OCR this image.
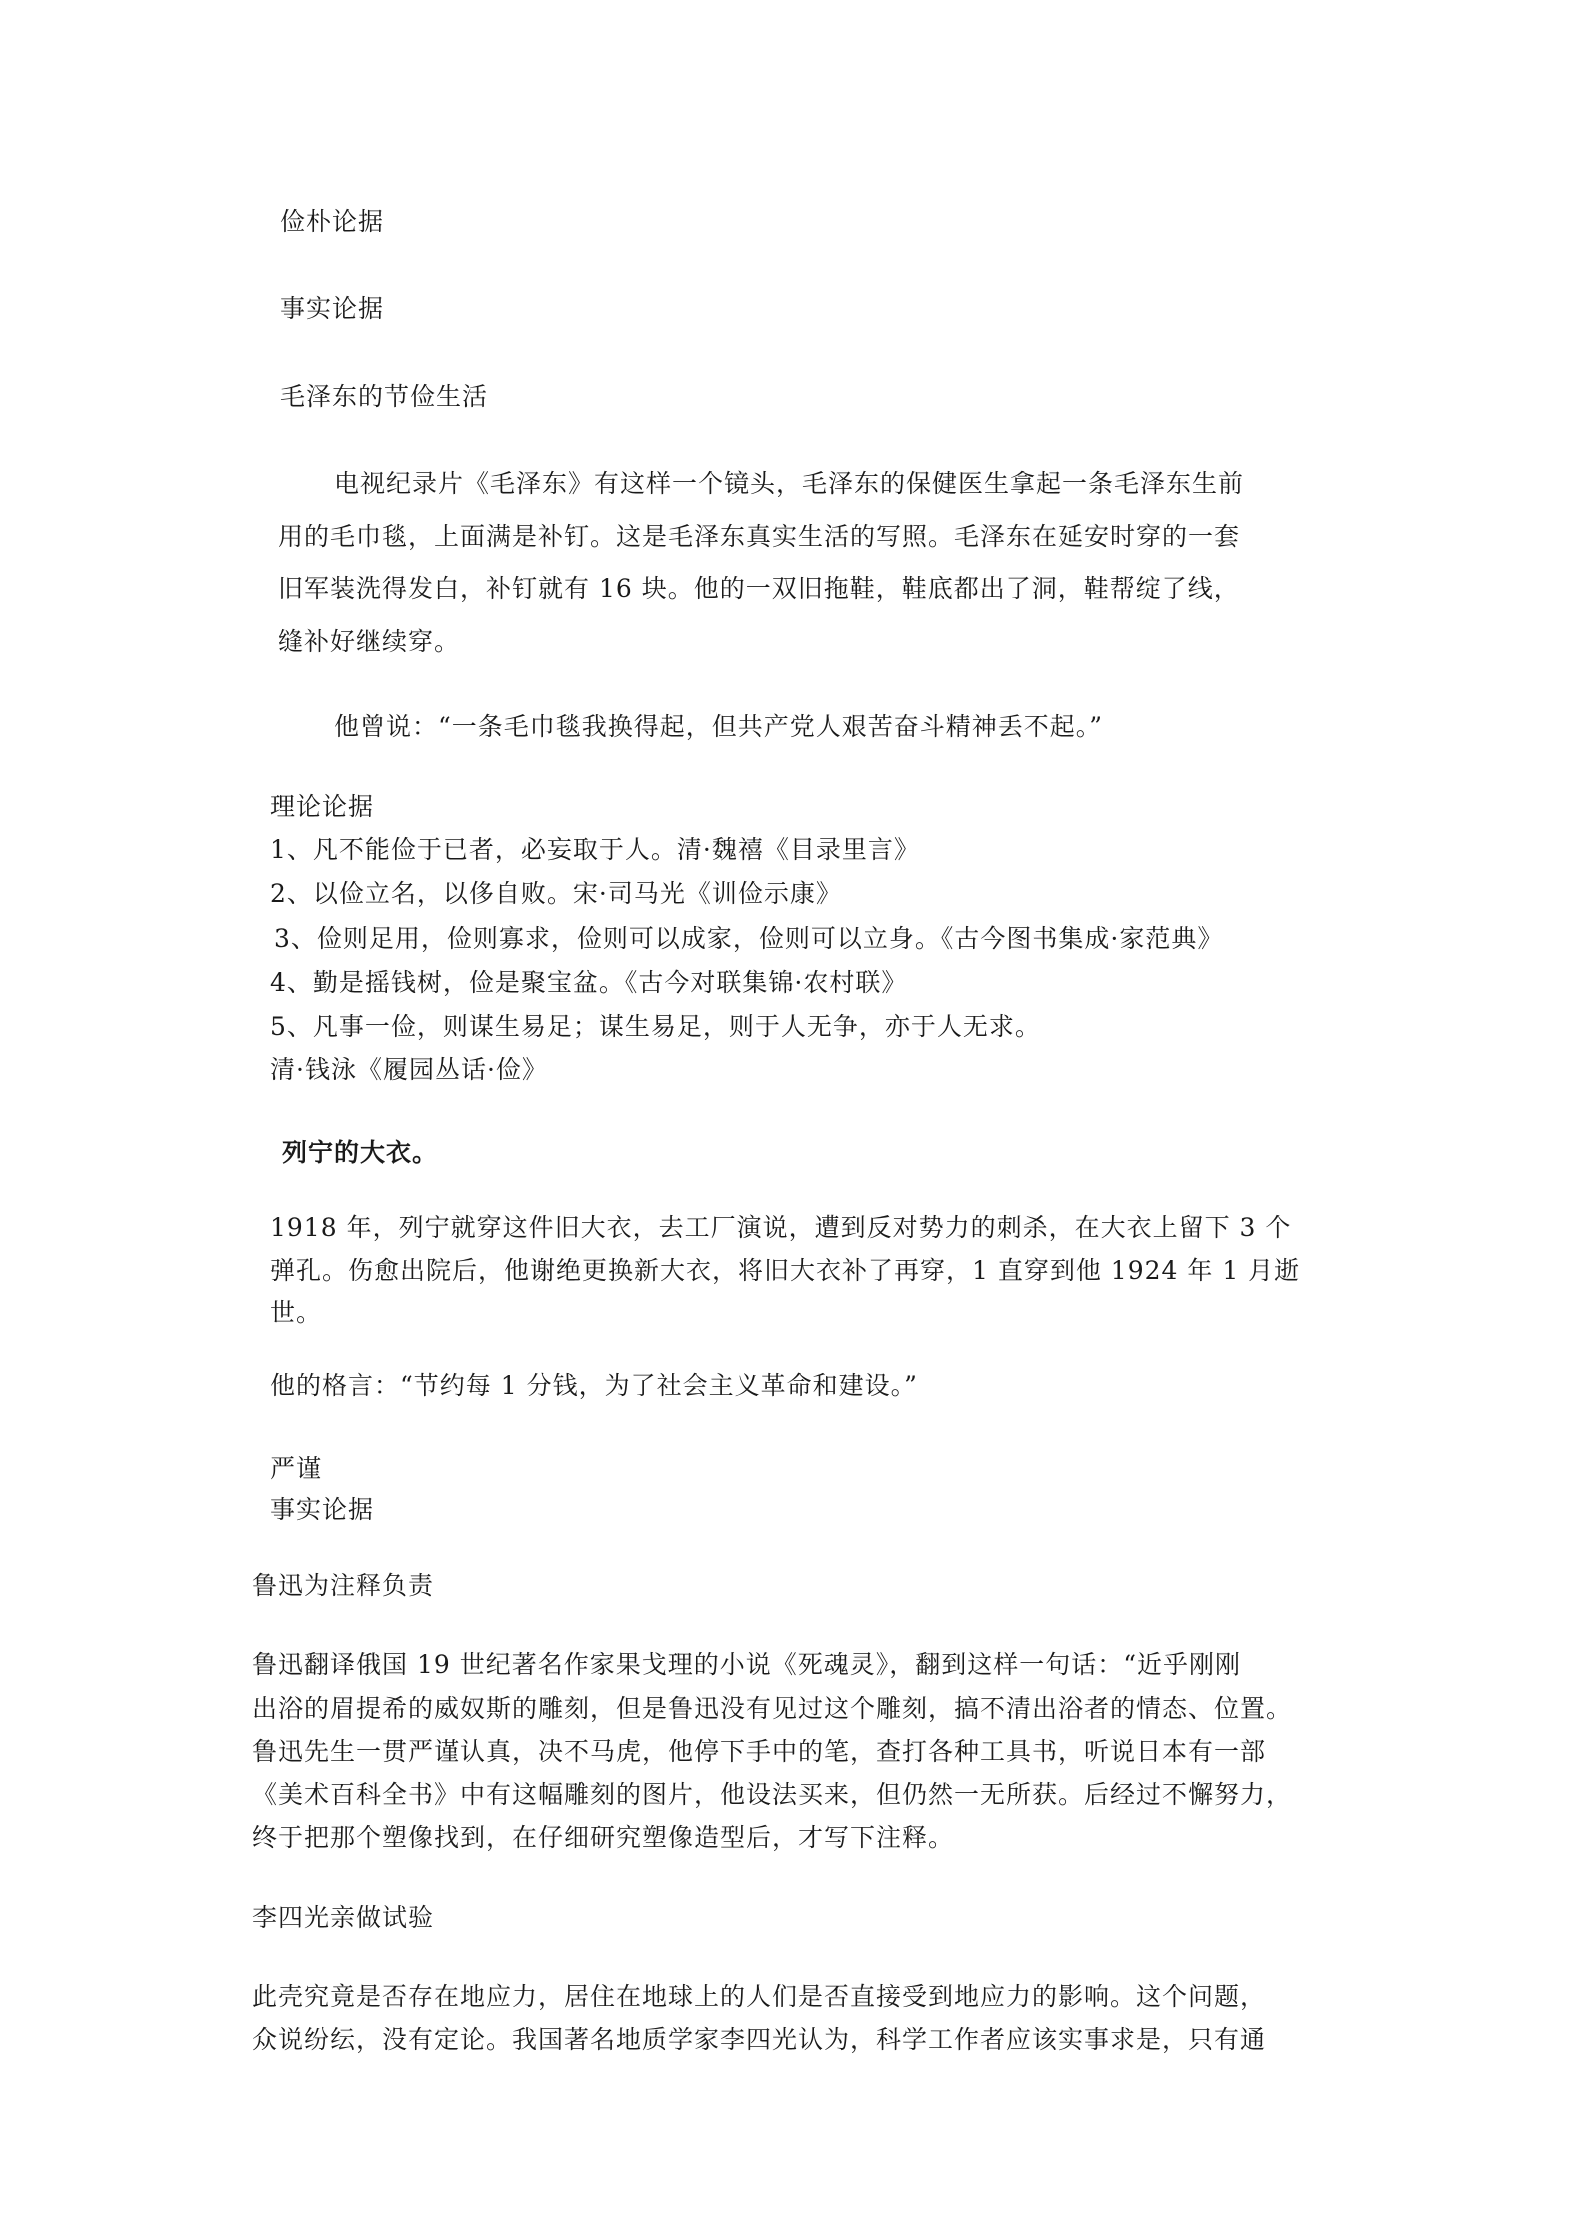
俭朴论据
事实论据
毛泽东的节俭生活
电视纪录片《毛泽东》有这样一个镜头，毛泽东的保健医生拿起一条毛泽东生前
用的毛巾毯，上面满是补钉。这是毛泽东真实生活的写照。毛泽东在延安时穿的一套
旧军装洗得发白，补钉就有 16 块。他的一双旧拖鞋，鞋底都出了洞，鞋帮绽了线，
缝补好继续穿。
他曾说：“一条毛巾毯我换得起，但共产党人艰苦奋斗精神丢不起。”
理论论据
1、凡不能俭于已者，必妄取于人。清·魏禧《目录里言》
2、以俭立名，以侈自败。宋·司马光《训俭示康》
3、俭则足用，俭则寡求，俭则可以成家，俭则可以立身。《古今图书集成·家范典》
4、勤是摇钱树，俭是聚宝盆。《古今对联集锦·农村联》
5、凡事一俭，则谋生易足；谋生易足，则于人无争，亦于人无求。
清·钱泳《履园丛话·俭》
列宁的大衣。
1918 年，列宁就穿这件旧大衣，去工厂演说，遭到反对势力的刺杀，在大衣上留下 3 个
弹孔。伤愈出院后，他谢绝更换新大衣，将旧大衣补了再穿，1 直穿到他 1924 年 1 月逝
世。
他的格言：“节约每 1 分钱，为了社会主义革命和建设。”
严谨
事实论据
鲁迅为注释负责
鲁迅翻译俄国 19 世纪著名作家果戈理的小说《死魂灵》，翻到这样一句话：“近乎刚刚
出浴的眉提希的威奴斯的雕刻，但是鲁迅没有见过这个雕刻，搞不清出浴者的情态、位置。
鲁迅先生一贯严谨认真，决不马虎，他停下手中的笔，查打各种工具书，听说日本有一部
《美术百科全书》中有这幅雕刻的图片，他设法买来，但仍然一无所获。后经过不懈努力，
终于把那个塑像找到，在仔细研究塑像造型后，才写下注释。
李四光亲做试验
此壳究竟是否存在地应力，居住在地球上的人们是否直接受到地应力的影响。这个问题，
众说纷纭，没有定论。我国著名地质学家李四光认为，科学工作者应该实事求是，只有通
